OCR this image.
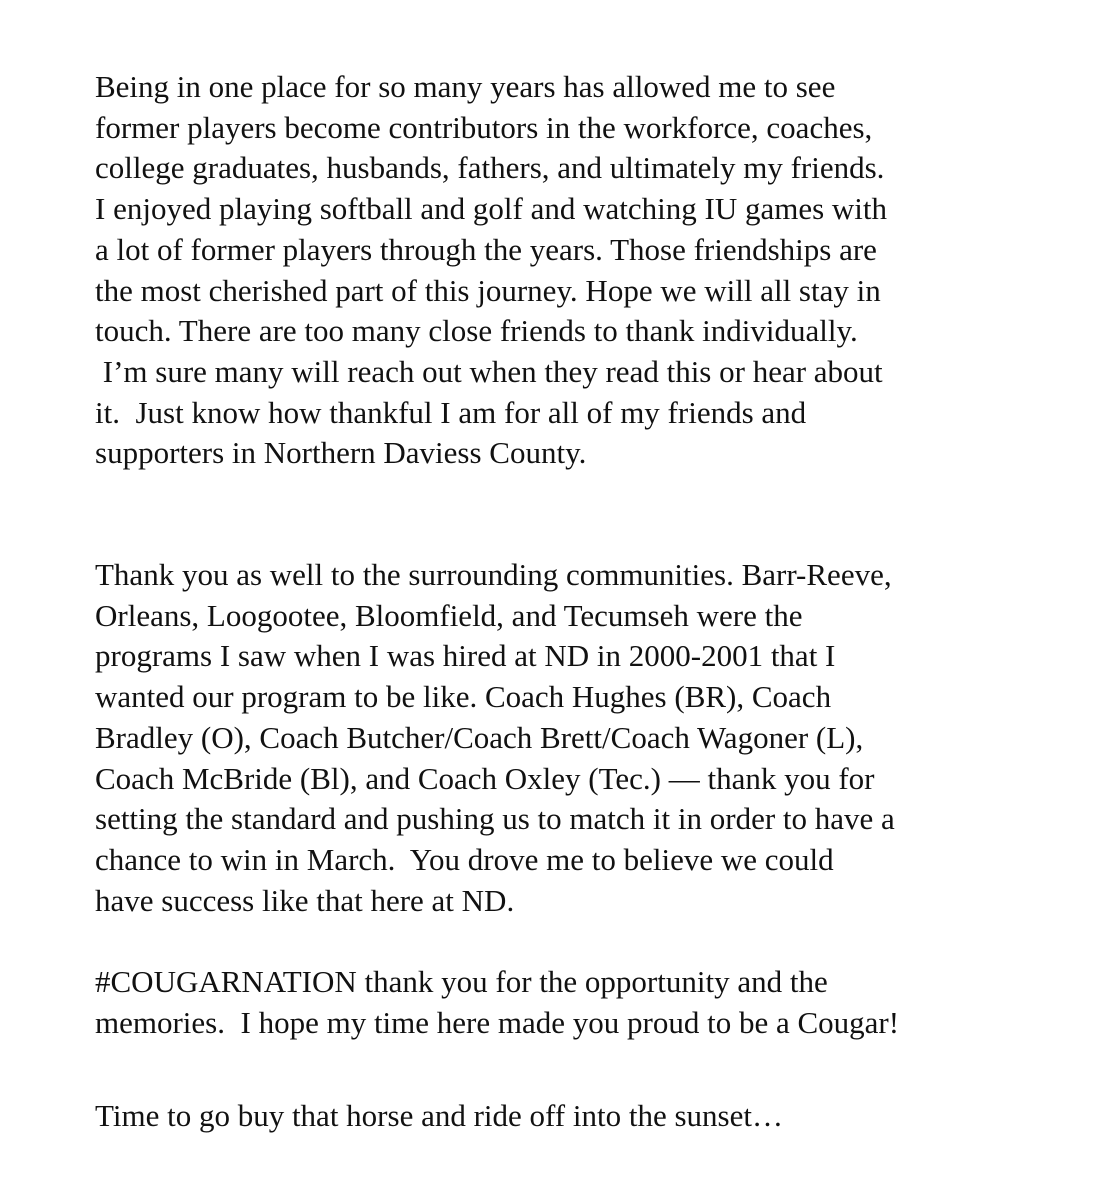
Being in one place for so many years has allowed me to see
former players become contributors in the workforce, coaches,
college graduates, husbands, fathers, and ultimately my friends.
I enjoyed playing softball and golf and watching IU games with
a lot of former players through the years. Those friendships are
the most cherished part of this journey. Hope we will all stay in
touch. There are too many close friends to thank individually.
I’m sure many will reach out when they read this or hear about
it.  Just know how thankful I am for all of my friends and
supporters in Northern Daviess County.

Thank you as well to the surrounding communities. Barr-Reeve,
Orleans, Loogootee, Bloomfield, and Tecumseh were the
programs I saw when I was hired at ND in 2000-2001 that I
wanted our program to be like. Coach Hughes (BR), Coach
Bradley (O), Coach Butcher/Coach Brett/Coach Wagoner (L),
Coach McBride (Bl), and Coach Oxley (Tec.) — thank you for
setting the standard and pushing us to match it in order to have a
chance to win in March.  You drove me to believe we could
have success like that here at ND.

#COUGARNATION thank you for the opportunity and the
memories.  I hope my time here made you proud to be a Cougar!

Time to go buy that horse and ride off into the sunset…
